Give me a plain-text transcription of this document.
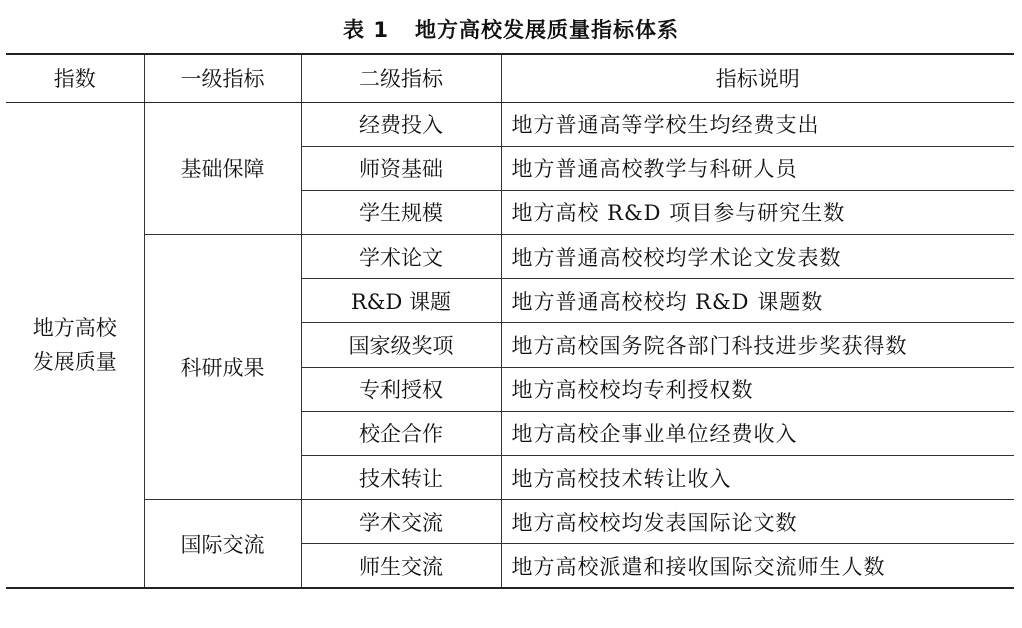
表 1 地方高校发展质量指标体系
指数	一级指标	二级指标	指标说明
地方高校
发展质量	基础保障	经费投入	地方普通高等学校生均经费支出
		师资基础	地方普通高校教学与科研人员
		学生规模	地方高校 R&D 项目参与研究生数
	科研成果	学术论文	地方普通高校校均学术论文发表数
		R&D 课题	地方普通高校校均 R&D 课题数
		国家级奖项	地方高校国务院各部门科技进步奖获得数
		专利授权	地方高校校均专利授权数
		校企合作	地方高校企事业单位经费收入
		技术转让	地方高校技术转让收入
	国际交流	学术交流	地方高校校均发表国际论文数
		师生交流	地方高校派遣和接收国际交流师生人数
